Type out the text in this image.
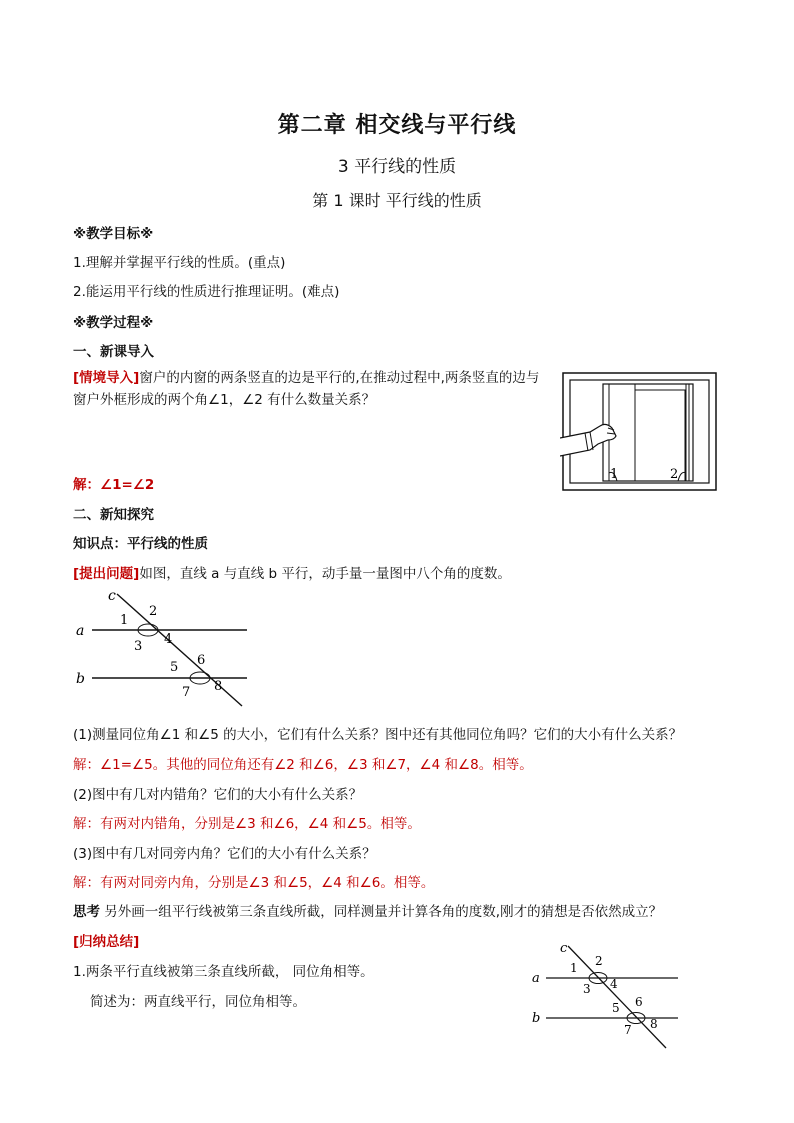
第二章 相交线与平行线
3 平行线的性质
第 1 课时 平行线的性质
※教学目标※
1.理解并掌握平行线的性质。(重点)
2.能运用平行线的性质进行推理证明。(难点)
※教学过程※
一、新课导入
[情境导入]窗户的内窗的两条竖直的边是平行的,在推动过程中,两条竖直的边与窗户外框形成的两个角∠1，∠2 有什么数量关系？
解：∠1=∠2
1	2
二、新知探究
知识点：平行线的性质
[提出问题]如图，直线 a 与直线 b 平行，动手量一量图中八个角的度数。
c
a
b
1
2
3 4
5 6
7 8
(1)测量同位角∠1 和∠5 的大小，它们有什么关系？图中还有其他同位角吗？它们的大小有什么关系？
解：∠1=∠5。其他的同位角还有∠2 和∠6，∠3 和∠7，∠4 和∠8。相等。
(2)图中有几对内错角？它们的大小有什么关系？
解：有两对内错角，分别是∠3 和∠6，∠4 和∠5。相等。
(3)图中有几对同旁内角？它们的大小有什么关系？
解：有两对同旁内角，分别是∠3 和∠5，∠4 和∠6。相等。
思考 另外画一组平行线被第三条直线所截，同样测量并计算各角的度数,刚才的猜想是否依然成立？
[归纳总结]
1.两条平行直线被第三条直线所截， 同位角相等。
简述为：两直线平行，同位角相等。
c
a
b
1 2
3 4
5 6
7 8
